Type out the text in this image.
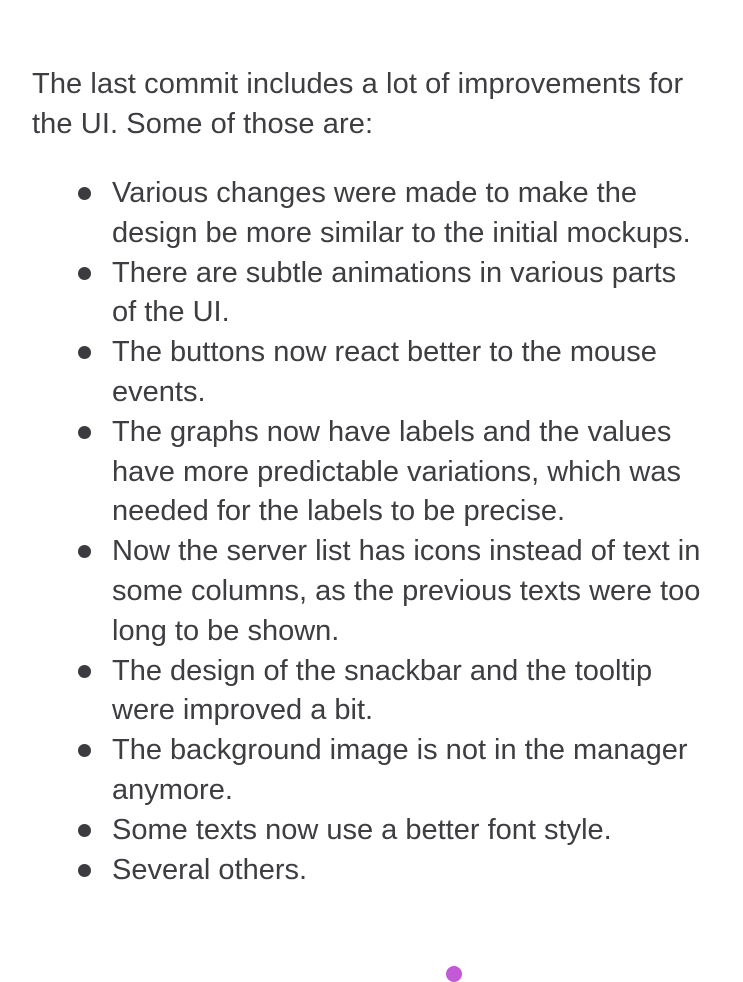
The last commit includes a lot of improvements for the UI. Some of those are:

Various changes were made to make the design be more similar to the initial mockups.
There are subtle animations in various parts of the UI.
The buttons now react better to the mouse events.
The graphs now have labels and the values have more predictable variations, which was needed for the labels to be precise.
Now the server list has icons instead of text in some columns, as the previous texts were too long to be shown.
The design of the snackbar and the tooltip were improved a bit.
The background image is not in the manager anymore.
Some texts now use a better font style.
Several others.
